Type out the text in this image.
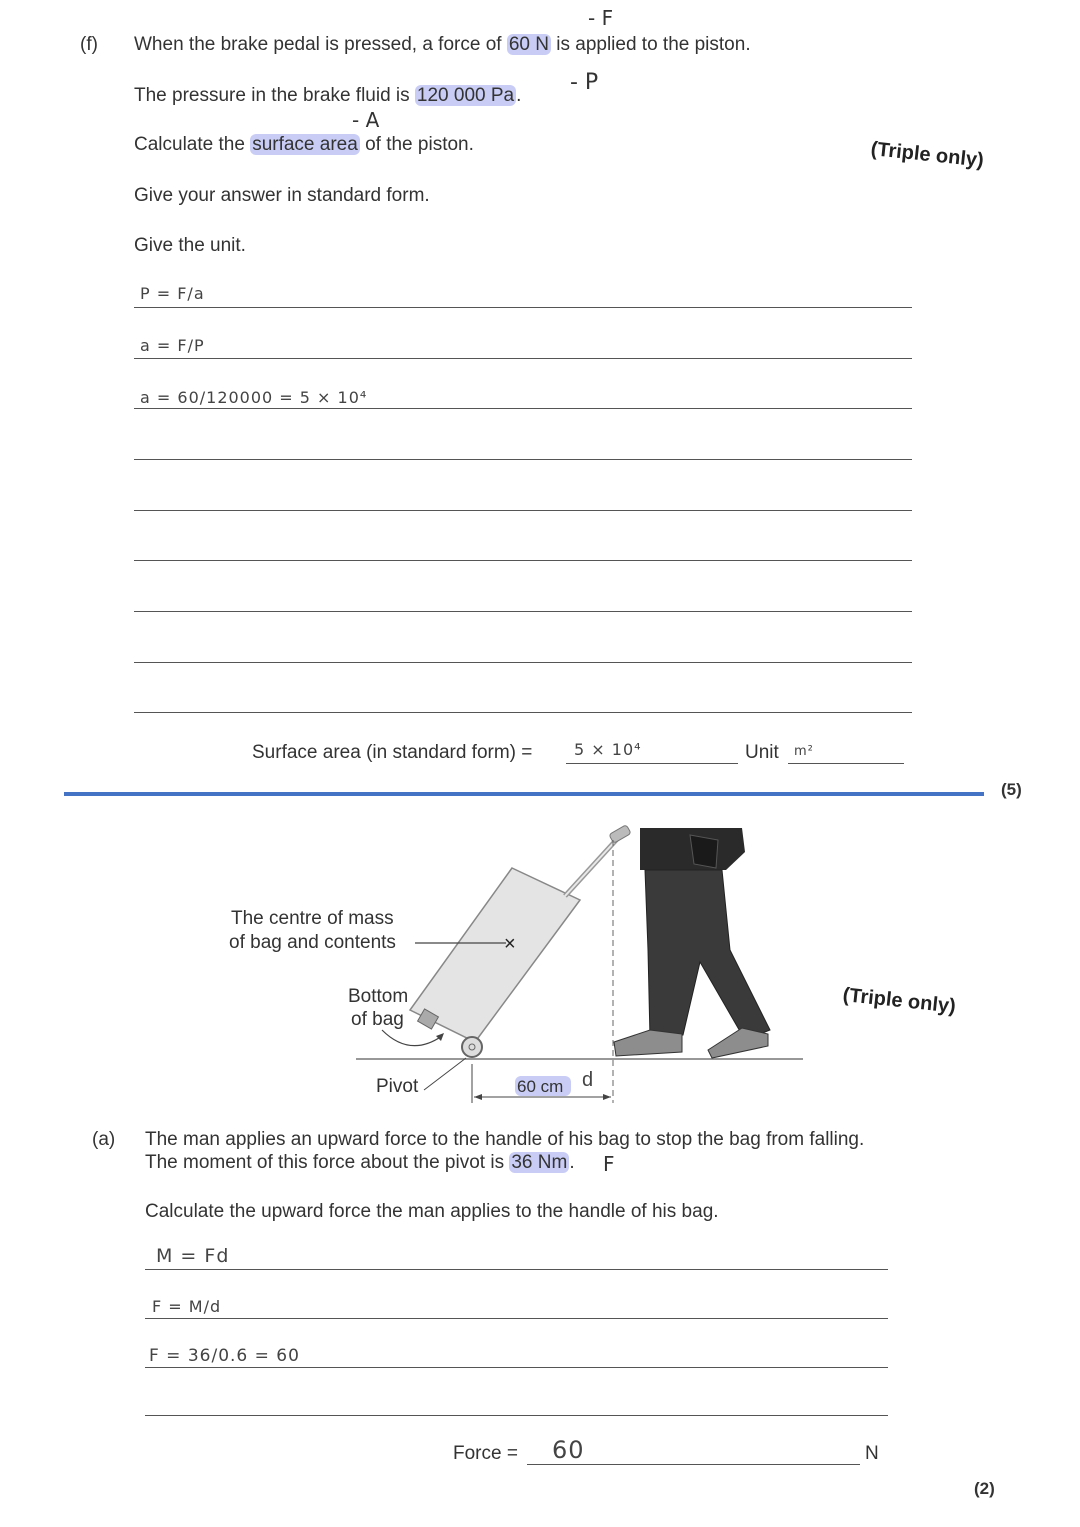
(f) When the brake pedal is pressed, a force of 60 N is applied to the piston.
- F
The pressure in the brake fluid is 120 000 Pa .
- P
- A
Calculate the surface area of the piston.	(Triple only)
Give your answer in standard form.
Give the unit.
P = F/a
a = F/P
a = 60/120000 = 5 × 10⁴
Surface area (in standard form) =	5 × 10⁴	Unit m²
(5)
×
The centre of mass
of bag and contents
Bottom
of bag
Pivot	60 cm d
(Triple only)
(a) The man applies an upward force to the handle of his bag to stop the bag from falling.
The moment of this force about the pivot is 36 Nm . F
Calculate the upward force the man applies to the handle of his bag.
M = Fd
F = M/d
F = 36/0.6 = 60
Force = 60	N
(2)
